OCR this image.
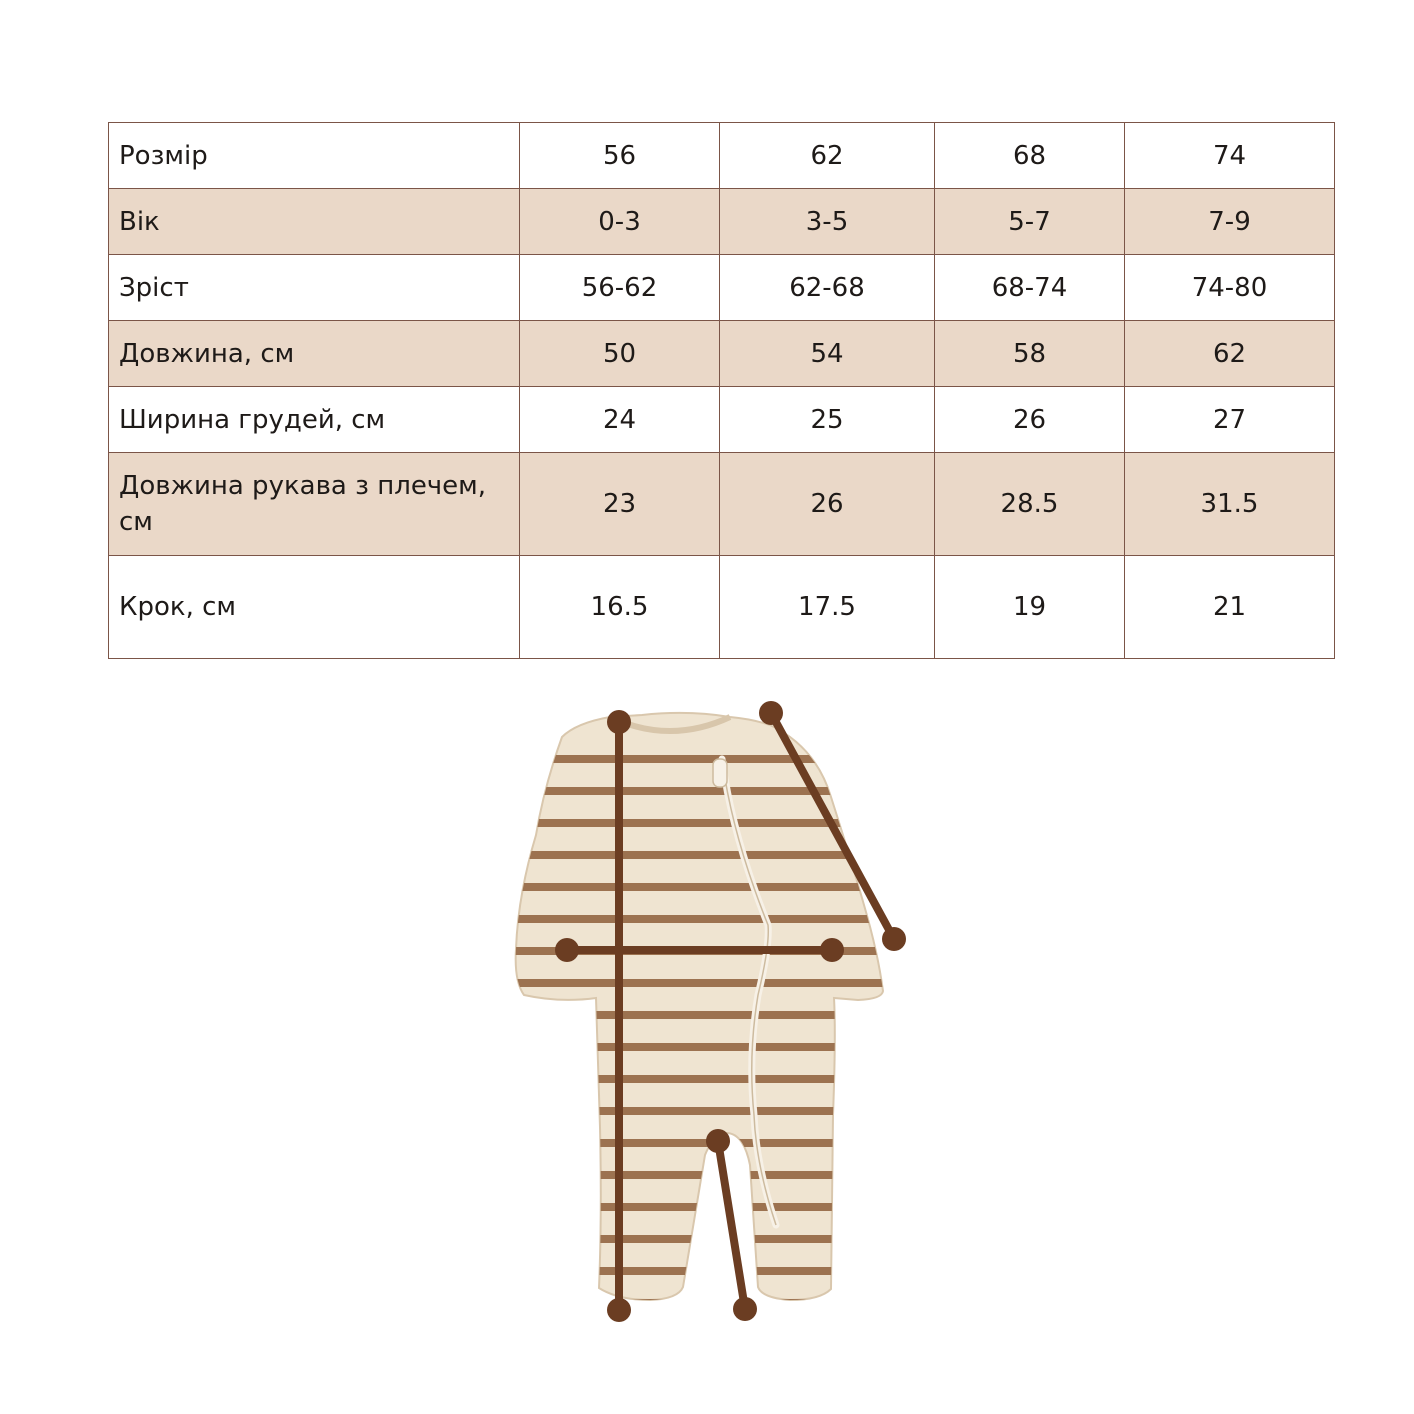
Розмір	56	62	68	74
Вік	0-3	3-5	5-7	7-9
Зріст	56-62	62-68	68-74	74-80
Довжина, см	50	54	58	62
Ширина грудей, см	24	25	26	27
Довжина рукава з плечем, см	23	26	28.5	31.5
Крок, см	16.5	17.5	19	21
